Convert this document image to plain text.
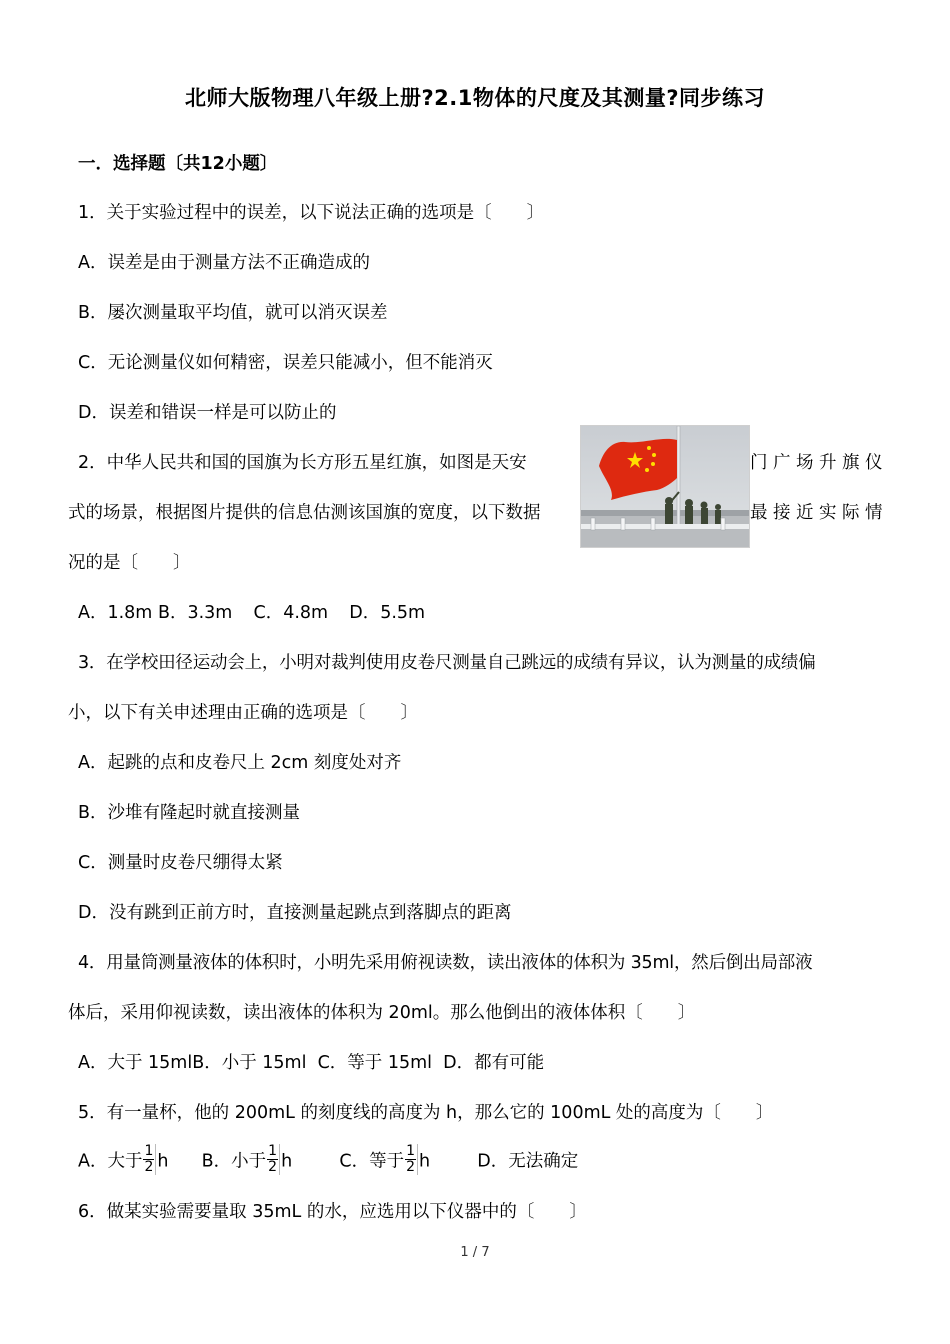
北师大版物理八年级上册?2.1物体的尺度及其测量?同步练习
一．选择题〔共12小题〕
1．关于实验过程中的误差，以下说法正确的选项是〔　　〕
A．误差是由于测量方法不正确造成的
B．屡次测量取平均值，就可以消灭误差
C．无论测量仪如何精密，误差只能减小，但不能消灭
D．误差和错误一样是可以防止的
2．中华人民共和国的国旗为长方形五星红旗，如图是天安	门广场升旗仪
式的场景，根据图片提供的信息估测该国旗的宽度，以下数据	最接近实际情
况的是〔　　〕
A．1.8m B．3.3m C．4.8m D．5.5m
3．在学校田径运动会上，小明对裁判使用皮卷尺测量自己跳远的成绩有异议，认为测量的成绩偏
小，以下有关申述理由正确的选项是〔　　〕
A．起跳的点和皮卷尺上 2cm 刻度处对齐
B．沙堆有隆起时就直接测量
C．测量时皮卷尺绷得太紧
D．没有跳到正前方时，直接测量起跳点到落脚点的距离
4．用量筒测量液体的体积时，小明先采用俯视读数，读出液体的体积为 35ml，然后倒出局部液
体后，采用仰视读数，读出液体的体积为 20ml。那么他倒出的液体体积〔　　〕
A．大于 15mlB．小于 15ml  C．等于 15ml  D．都有可能
5．有一量杯，他的 200mL 的刻度线的高度为 h，那么它的 100mL 处的高度为〔　　〕
A．大于 $\frac{1}{2}$ h B．小于 $\frac{1}{2}$ h	C．等于 $\frac{1}{2}$ h	D．无法确定
6．做某实验需要量取 35mL 的水，应选用以下仪器中的〔　　〕
1 / 7
